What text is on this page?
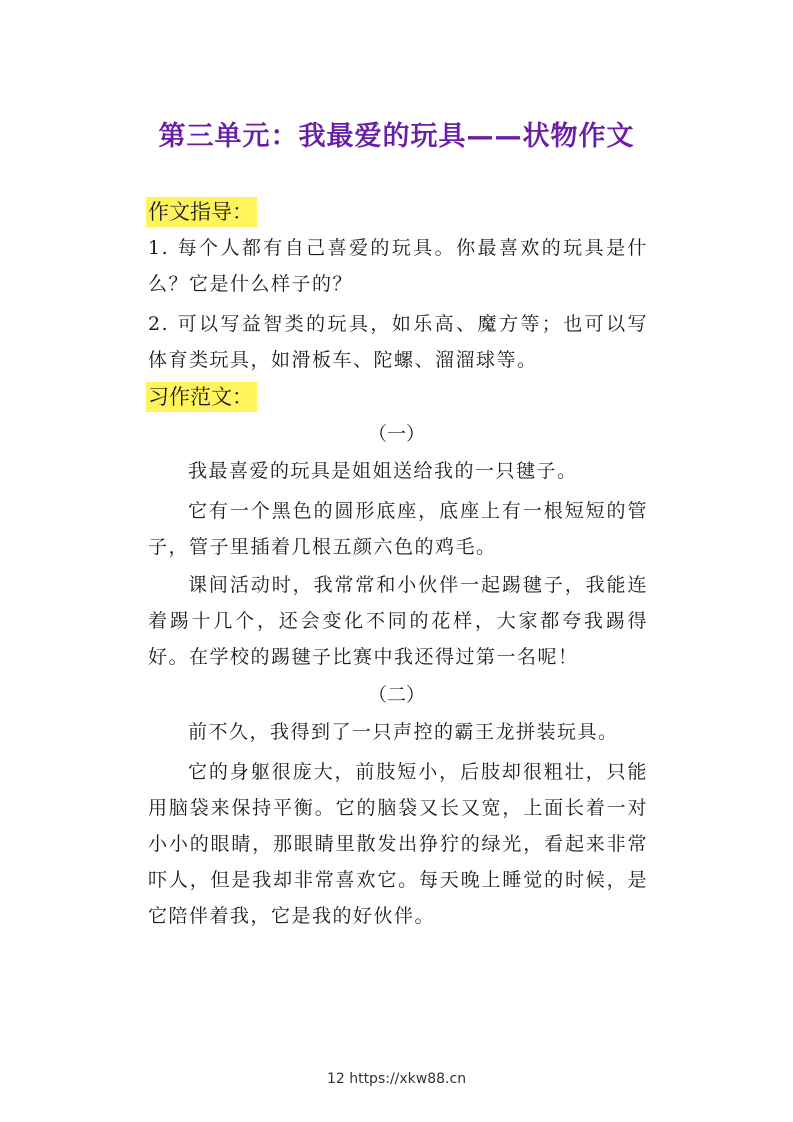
第三单元：我最爱的玩具——状物作文
作文指导：
1. 每个人都有自己喜爱的玩具。你最喜欢的玩具是什么？它是什么样子的？
2. 可以写益智类的玩具，如乐高、魔方等；也可以写体育类玩具，如滑板车、陀螺、溜溜球等。
习作范文：
（一）
我最喜爱的玩具是姐姐送给我的一只毽子。
它有一个黑色的圆形底座，底座上有一根短短的管子，管子里插着几根五颜六色的鸡毛。
课间活动时，我常常和小伙伴一起踢毽子，我能连着踢十几个，还会变化不同的花样，大家都夸我踢得好。在学校的踢毽子比赛中我还得过第一名呢！
（二）
前不久，我得到了一只声控的霸王龙拼装玩具。
它的身躯很庞大，前肢短小，后肢却很粗壮，只能用脑袋来保持平衡。它的脑袋又长又宽，上面长着一对小小的眼睛，那眼睛里散发出狰狞的绿光，看起来非常吓人，但是我却非常喜欢它。每天晚上睡觉的时候，是它陪伴着我，它是我的好伙伴。
12 https://xkw88.cn
